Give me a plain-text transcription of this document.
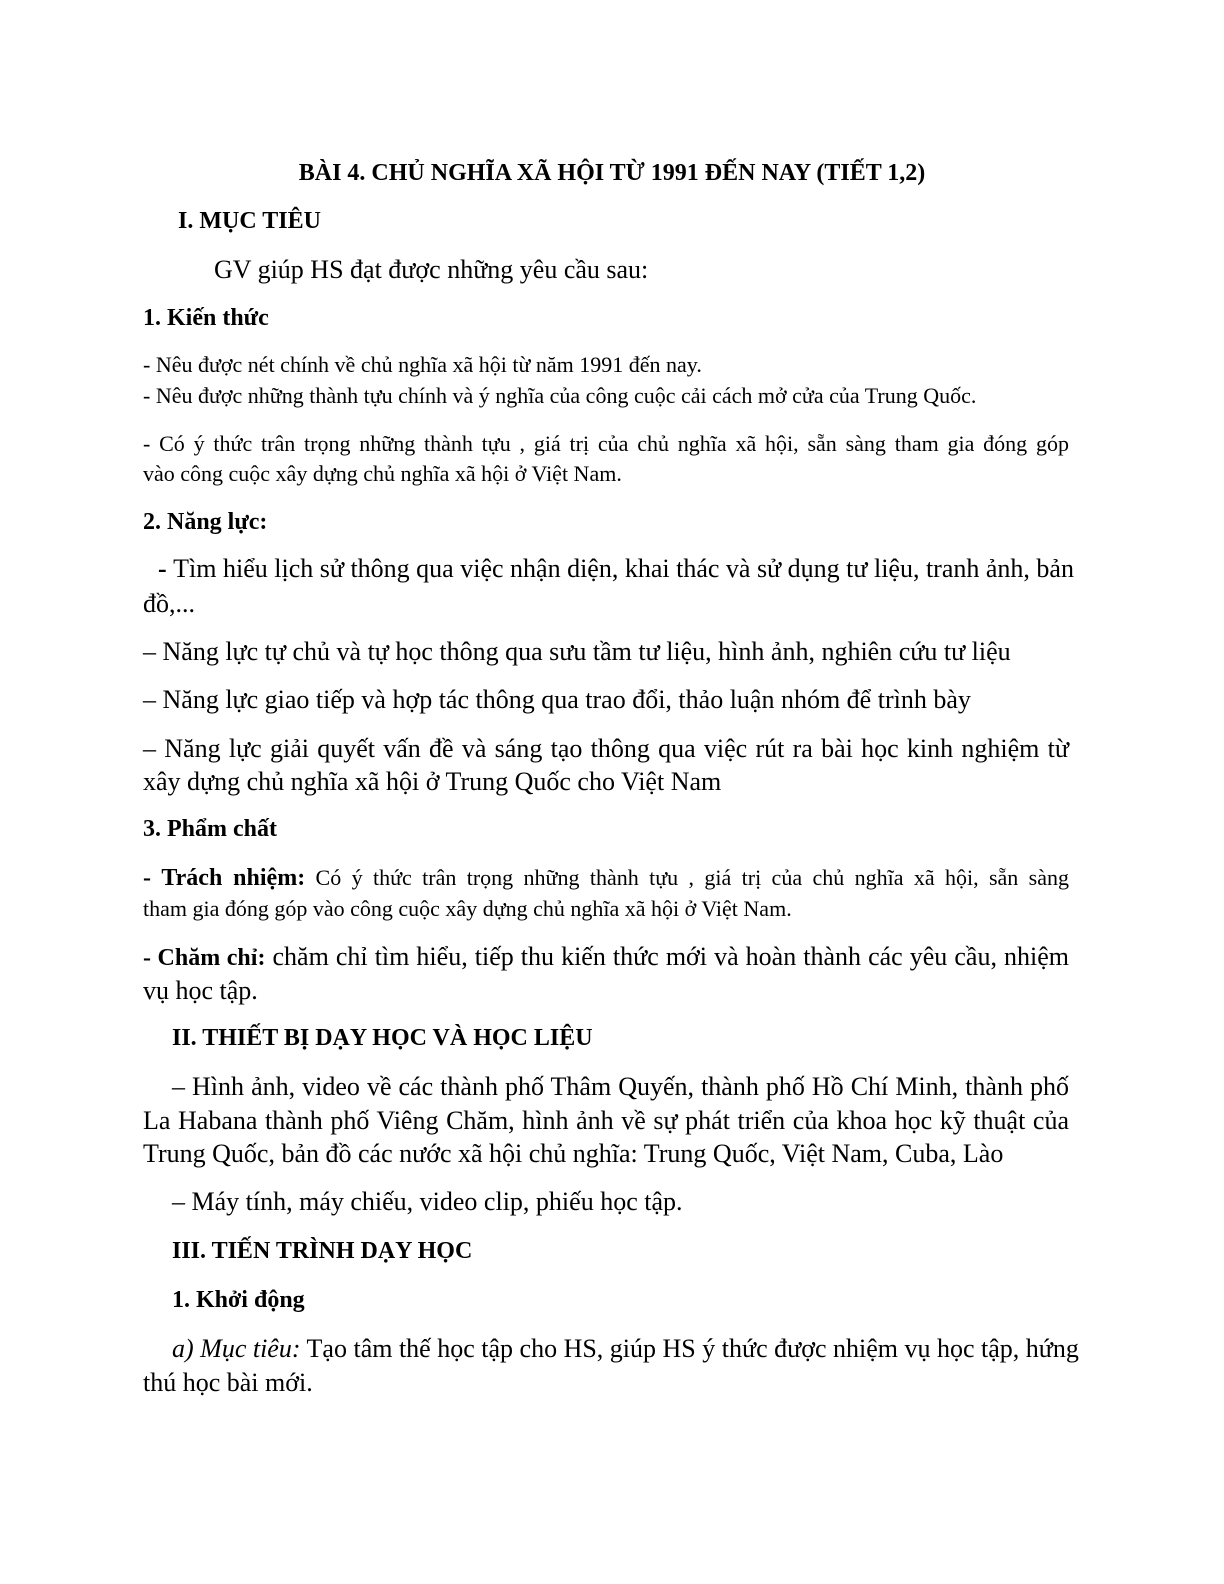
BÀI 4. CHỦ NGHĨA XÃ HỘI TỪ 1991 ĐẾN NAY (TIẾT 1,2)
I. MỤC TIÊU
GV giúp HS đạt được những yêu cầu sau:
1. Kiến thức
- Nêu được nét chính về chủ nghĩa xã hội từ năm 1991 đến nay.
- Nêu được những thành tựu chính và ý nghĩa của công cuộc cải cách mở cửa của Trung Quốc.
- Có ý thức trân trọng những thành tựu , giá trị của chủ nghĩa xã hội, sẵn sàng tham gia đóng góp
vào công cuộc xây dựng chủ nghĩa xã hội ở Việt Nam.
2. Năng lực:
- Tìm hiểu lịch sử thông qua việc nhận diện, khai thác và sử dụng tư liệu, tranh ảnh, bản
đồ,...
– Năng lực tự chủ và tự học thông qua sưu tầm tư liệu, hình ảnh, nghiên cứu tư liệu
– Năng lực giao tiếp và hợp tác thông qua trao đổi, thảo luận nhóm để trình bày
– Năng lực giải quyết vấn đề và sáng tạo thông qua việc rút ra bài học kinh nghiệm từ
xây dựng chủ nghĩa xã hội ở Trung Quốc cho Việt Nam
3. Phẩm chất
- Trách nhiệm: Có ý thức trân trọng những thành tựu , giá trị của chủ nghĩa xã hội, sẵn sàng
tham gia đóng góp vào công cuộc xây dựng chủ nghĩa xã hội ở Việt Nam.
- Chăm chỉ: chăm chỉ tìm hiểu, tiếp thu kiến thức mới và hoàn thành các yêu cầu, nhiệm
vụ học tập.
II. THIẾT BỊ DẠY HỌC VÀ HỌC LIỆU
– Hình ảnh, video về các thành phố Thâm Quyến, thành phố Hồ Chí Minh, thành phố
La Habana thành phố Viêng Chăm, hình ảnh về sự phát triển của khoa học kỹ thuật của
Trung Quốc, bản đồ các nước xã hội chủ nghĩa: Trung Quốc, Việt Nam, Cuba, Lào
– Máy tính, máy chiếu, video clip, phiếu học tập.
III. TIẾN TRÌNH DẠY HỌC
1. Khởi động
a) Mục tiêu: Tạo tâm thế học tập cho HS, giúp HS ý thức được nhiệm vụ học tập, hứng
thú học bài mới.
